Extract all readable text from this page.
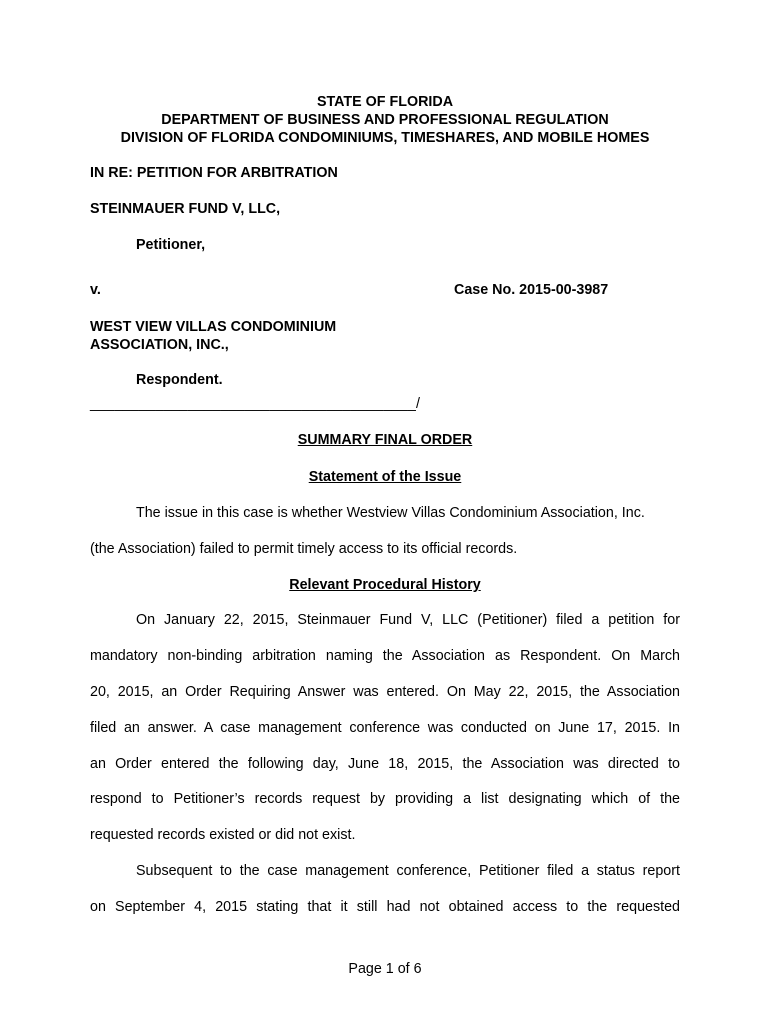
STATE OF FLORIDA
DEPARTMENT OF BUSINESS AND PROFESSIONAL REGULATION
DIVISION OF FLORIDA CONDOMINIUMS, TIMESHARES, AND MOBILE HOMES
IN RE: PETITION FOR ARBITRATION
STEINMAUER FUND V, LLC,
Petitioner,
v.	Case No. 2015-00-3987
WEST VIEW VILLAS CONDOMINIUM
ASSOCIATION, INC.,
Respondent.
________________________________________/
SUMMARY FINAL ORDER
Statement of the Issue
The issue in this case is whether Westview Villas Condominium Association, Inc.
(the Association) failed to permit timely access to its official records.
Relevant Procedural History
On January 22, 2015, Steinmauer Fund V, LLC (Petitioner) filed a petition for
mandatory non-binding arbitration naming the Association as Respondent. On March
20, 2015, an Order Requiring Answer was entered. On May 22, 2015, the Association
filed an answer. A case management conference was conducted on June 17, 2015. In
an Order entered the following day, June 18, 2015, the Association was directed to
respond to Petitioner’s records request by providing a list designating which of the
requested records existed or did not exist.
Subsequent to the case management conference, Petitioner filed a status report
on September 4, 2015 stating that it still had not obtained access to the requested
Page 1 of 6
